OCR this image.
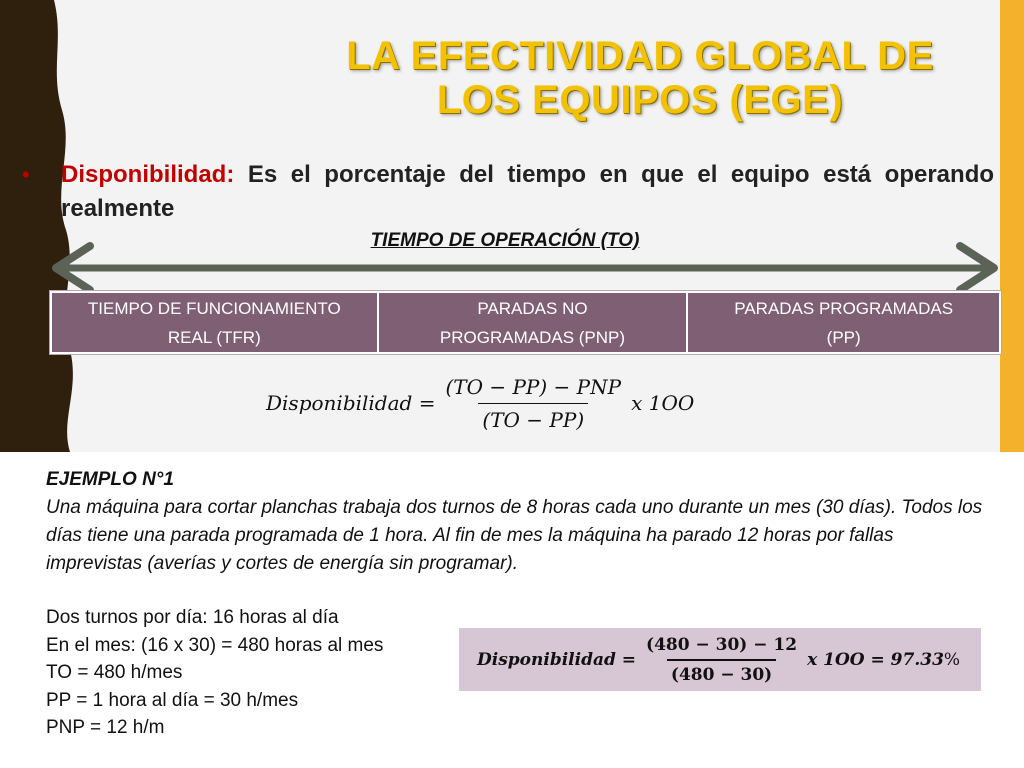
LA EFECTIVIDAD GLOBAL DE
LOS EQUIPOS (EGE)
• Disponibilidad: Es el porcentaje del tiempo en que el equipo está operando realmente

TIEMPO DE OPERACIÓN (TO)
TIEMPO DE FUNCIONAMIENTO
REAL (TFR)
PARADAS NO
PROGRAMADAS (PNP)
PARADAS PROGRAMADAS
(PP)
Disponibilidad = $\frac{\text{(TO − PP) − PNP}}{(TO - PP)}$ x 1OO
EJEMPLO N°1
Una máquina para cortar planchas trabaja dos turnos de 8 horas cada uno durante un mes (30 días). Todos los días tiene una parada programada de 1 hora. Al fin de mes la máquina ha parado 12 horas por fallas imprevistas (averías y cortes de energía sin programar).
Dos turnos por día: 16 horas al día
En el mes: (16 x 30) = 480 horas al mes
TO = 480 h/mes
PP = 1 hora al día = 30 h/mes
PNP = 12 h/m
Disponibilidad = $\frac{(480 - 30) - 12}{(480 - 30)}$ x 1OO = 97.33 %
